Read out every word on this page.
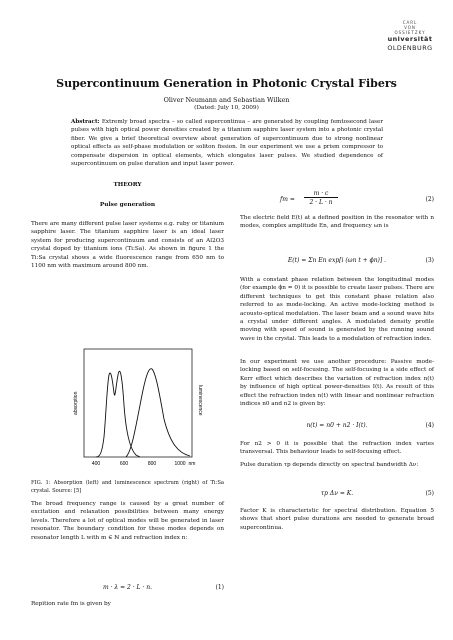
CARL
VON
OSSIETZKY
universität OLDENBURG
Supercontinuum Generation in Photonic Crystal Fibers
Oliver Neumann and Sebastian Wilken
(Dated: July 10, 2009)
Abstract: Extremly broad spectra – so called supercontinua – are generated by coupling femtosecond laser pulses with high optical power densities created by a titanium sapphire laser system into a photonic crystal fiber. We give a brief theoretical overview about generation of supercontinuum due to strong nonlinear optical effects as self-phase modulation or soliton fission. In our experiment we use a prism compressor to compensate dispersion in optical elements, which elongates laser pulses. We studied dependence of supercontinuum on pulse duration and input laser power.
THEORY
Pulse generation
There are many different pulse laser systems e.g. ruby or titanium sapphire laser. The titanium sapphire laser is an ideal laser system for producing supercontinuum and consists of an Al2O3 crystal doped by titanium ions (Ti:Sa). As shown in figure 1 the Ti:Sa crystal shows a wide fluorescence range from 650 nm to 1100 nm with maximum around 800 nm.
absorption	luminescence
400	600	800	1000 nm
FIG. 1: Absorption (left) and luminescence spectrum (right) of Ti:Sa crystal. Source: [5]
The broad frequency range is caused by a great number of excitation and relaxation possibilities between many energy levels. Therefore a lot of optical modes will be generated in laser resonator. The boundary condition for these modes depends on resonator length L with m ∈ ℕ and refraction index n:
m · λ = 2 · L · n.	(1)
Repition rate fm is given by
fm =
m · c
2 · L · n	(2)
The electric field E(t) at a defined position in the resonator with n modes, complex amplitude En, and frequency ωn is
E(t) = Σn En exp[i (ωn t + ϕn)] .	(3)
With a constant phase relation between the longitudinal modes (for example ϕn = 0) it is possible to create laser pulses. There are different techniques to get this constant phase relation also referred to as mode-locking. An active mode-locking method is acousto-optical modulation. The laser beam and a sound wave hits a crystal under different angles. A modulated density profile moving with speed of sound is generated by the running sound wave in the crystal. This leads to a modulation of refraction index.
In our experiment we use another procedure: Passive mode-locking based on self-focusing. The self-focusing is a side effect of Kerr effect which describes the variation of refraction index n(t) by influence of high optical power-densities I(t). As result of this effect the refraction index n(t) with linear and nonlinear refraction indices n0 and n2 is given by:
n(t) = n0 + n2 · I(t).	(4)
For n2 > 0 it is possible that the refraction index varies transversal. This behaviour leads to self-focusing effect.
Pulse duration τp depends directly on spectral bandwidth Δν:
τp Δν = K.	(5)
Factor K is characteristic for spectral distribution. Equation 5 shows that short pulse durations are needed to generate broad supercontinua.
